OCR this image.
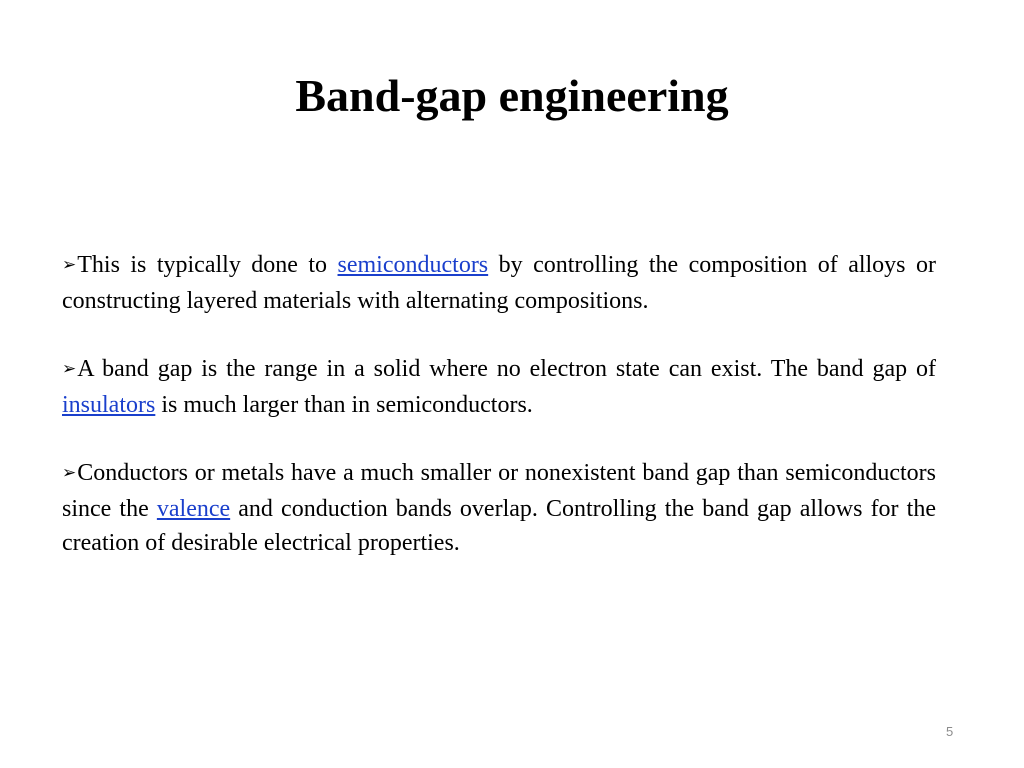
Band-gap engineering

➢This is typically done to semiconductors by controlling the composition of alloys or constructing layered materials with alternating compositions.

➢A band gap is the range in a solid where no electron state can exist. The band gap of insulators is much larger than in semiconductors.

➢Conductors or metals have a much smaller or nonexistent band gap than semiconductors since the valence and conduction bands overlap. Controlling the band gap allows for the creation of desirable electrical properties.

5
